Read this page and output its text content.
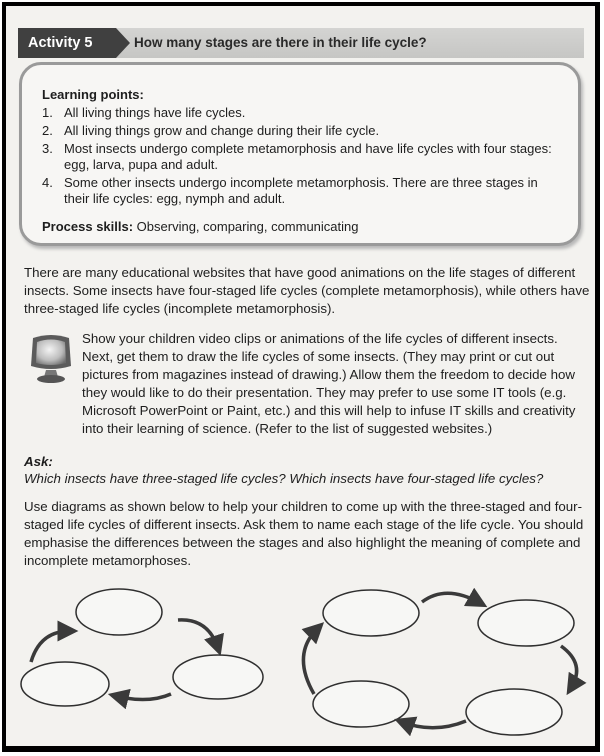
Activity 5	How many stages are there in their life cycle?
Learning points:
1. All living things have life cycles.
2. All living things grow and change during their life cycle.
3. Most insects undergo complete metamorphosis and have life cycles with four stages: egg, larva, pupa and adult.
4. Some other insects undergo incomplete metamorphosis. There are three stages in their life cycles: egg, nymph and adult.
Process skills: Observing, comparing, communicating

There are many educational websites that have good animations on the life stages of different insects. Some insects have four-staged life cycles (complete metamorphosis), while others have three-staged life cycles (incomplete metamorphosis).

Show your children video clips or animations of the life cycles of different insects. Next, get them to draw the life cycles of some insects. (They may print or cut out pictures from magazines instead of drawing.) Allow them the freedom to decide how they would like to do their presentation. They may prefer to use some IT tools (e.g. Microsoft PowerPoint or Paint, etc.) and this will help to infuse IT skills and creativity into their learning of science. (Refer to the list of suggested websites.)

Ask:
Which insects have three-staged life cycles? Which insects have four-staged life cycles?

Use diagrams as shown below to help your children to come up with the three-staged and four-staged life cycles of different insects. Ask them to name each stage of the life cycle. You should emphasise the differences between the stages and also highlight the meaning of complete and incomplete metamorphoses.
